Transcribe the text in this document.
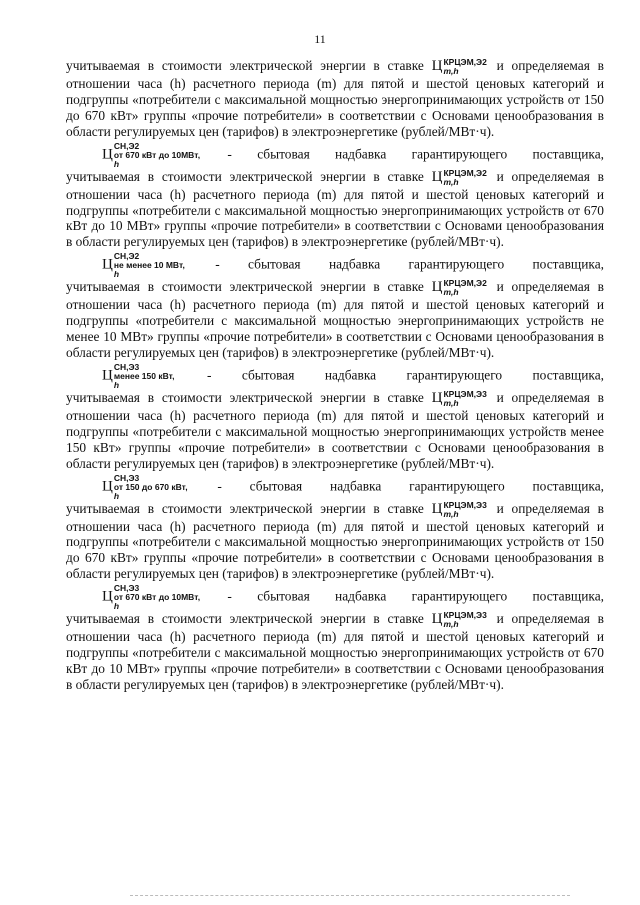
11

учитываемая в стоимости электрической энергии в ставке Ц КРЦЭМ,Э2
m,h	и определяемая в отношении часа (h) расчетного периода (m) для пятой и шестой ценовых категорий и подгруппы «потребители с максимальной мощностью энергопринимающих устройств от 150 до 670 кВт» группы «прочие потребители» в соответствии с Основами ценообразования в области регулируемых цен (тарифов) в электроэнергетике (рублей/МВт·ч).

Ц
СН,Э2
от 670 кВт до 10МВт,
h
- сбытовая надбавка гарантирующего поставщика,
учитываемая в стоимости электрической энергии в ставке Ц КРЦЭМ,Э2
m,h	и определяемая в отношении часа (h) расчетного периода (m) для пятой и шестой ценовых категорий и подгруппы «потребители с максимальной мощностью энергопринимающих устройств от 670 кВт до 10 МВт» группы «прочие потребители» в соответствии с Основами ценообразования в области регулируемых цен (тарифов) в электроэнергетике (рублей/МВт·ч).
Ц
СН,Э2
не менее 10 МВт,
h
- сбытовая надбавка гарантирующего поставщика,
учитываемая в стоимости электрической энергии в ставке Ц КРЦЭМ,Э2
m,h	и определяемая в отношении часа (h) расчетного периода (m) для пятой и шестой ценовых категорий и подгруппы «потребители с максимальной мощностью энергопринимающих устройств не менее 10 МВт» группы «прочие потребители» в соответствии с Основами ценообразования в области регулируемых цен (тарифов) в электроэнергетике (рублей/МВт·ч).
Ц
СН,Э3
менее 150 кВт,
h
- сбытовая надбавка гарантирующего поставщика,
учитываемая в стоимости электрической энергии в ставке Ц КРЦЭМ,Э3
m,h	и определяемая в отношении часа (h) расчетного периода (m) для пятой и шестой ценовых категорий и подгруппы «потребители с максимальной мощностью энергопринимающих устройств менее 150 кВт» группы «прочие потребители» в соответствии с Основами ценообразования в области регулируемых цен (тарифов) в электроэнергетике (рублей/МВт·ч).
Ц
СН,Э3
от 150 до 670 кВт,
h
- сбытовая надбавка гарантирующего поставщика,
учитываемая в стоимости электрической энергии в ставке Ц КРЦЭМ,Э3
m,h	и определяемая в отношении часа (h) расчетного периода (m) для пятой и шестой ценовых категорий и подгруппы «потребители с максимальной мощностью энергопринимающих устройств от 150 до 670 кВт» группы «прочие потребители» в соответствии с Основами ценообразования в области регулируемых цен (тарифов) в электроэнергетике (рублей/МВт·ч).
Ц
СН,Э3
от 670 кВт до 10МВт,
h
- сбытовая надбавка гарантирующего поставщика,
учитываемая в стоимости электрической энергии в ставке Ц КРЦЭМ,Э3
m,h	и определяемая в отношении часа (h) расчетного периода (m) для пятой и шестой ценовых категорий и подгруппы «потребители с максимальной мощностью энергопринимающих устройств от 670 кВт до 10 МВт» группы «прочие потребители» в соответствии с Основами ценообразования в области регулируемых цен (тарифов) в электроэнергетике (рублей/МВт·ч).
